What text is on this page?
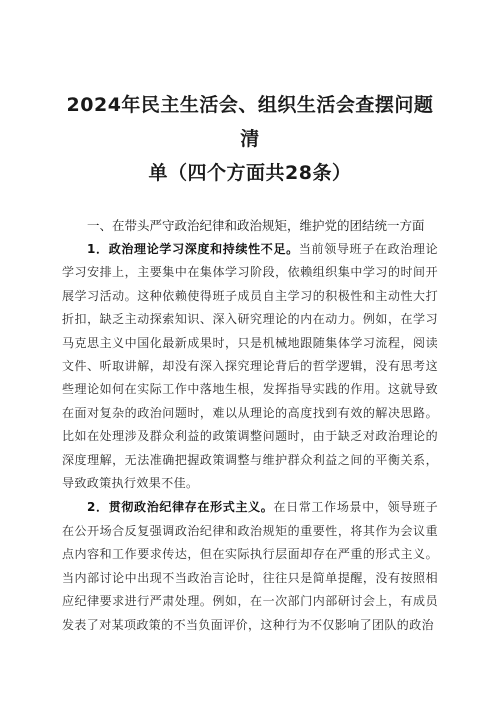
2024年民主生活会、组织生活会查摆问题清
单（四个方面共28条）
一、在带头严守政治纪律和政治规矩，维护党的团结统一方面

1．政治理论学习深度和持续性不足。当前领导班子在政治理论学习安排上，主要集中在集体学习阶段，依赖组织集中学习的时间开展学习活动。这种依赖使得班子成员自主学习的积极性和主动性大打折扣，缺乏主动探索知识、深入研究理论的内在动力。例如，在学习马克思主义中国化最新成果时，只是机械地跟随集体学习流程，阅读文件、听取讲解，却没有深入探究理论背后的哲学逻辑，没有思考这些理论如何在实际工作中落地生根，发挥指导实践的作用。这就导致在面对复杂的政治问题时，难以从理论的高度找到有效的解决思路。比如在处理涉及群众利益的政策调整问题时，由于缺乏对政治理论的深度理解，无法准确把握政策调整与维护群众利益之间的平衡关系，导致政策执行效果不佳。

2．贯彻政治纪律存在形式主义。在日常工作场景中，领导班子在公开场合反复强调政治纪律和政治规矩的重要性，将其作为会议重点内容和工作要求传达，但在实际执行层面却存在严重的形式主义。当内部讨论中出现不当政治言论时，往往只是简单提醒，没有按照相应纪律要求进行严肃处理。例如，在一次部门内部研讨会上，有成员发表了对某项政策的不当负面评价，这种行为不仅影响了团队的政治
